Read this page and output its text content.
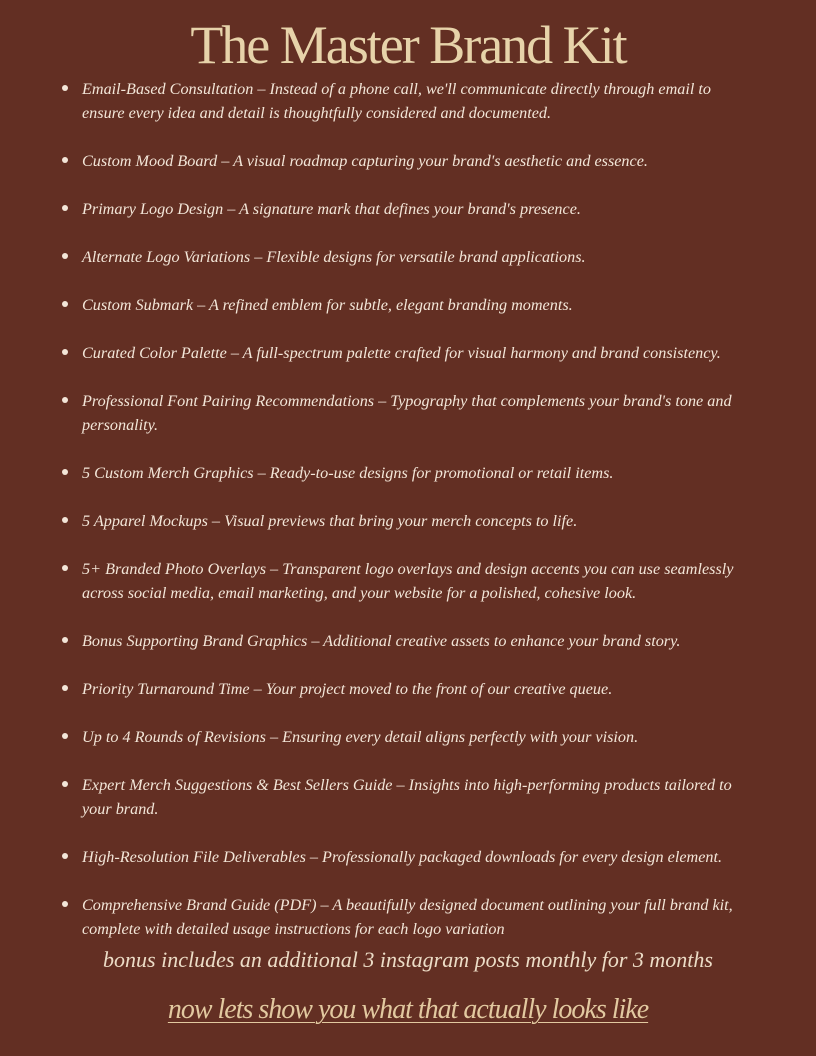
The Master Brand Kit
Email-Based Consultation – Instead of a phone call, we'll communicate directly through email to ensure every idea and detail is thoughtfully considered and documented.
Custom Mood Board – A visual roadmap capturing your brand's aesthetic and essence.
Primary Logo Design – A signature mark that defines your brand's presence.
Alternate Logo Variations – Flexible designs for versatile brand applications.
Custom Submark – A refined emblem for subtle, elegant branding moments.
Curated Color Palette – A full-spectrum palette crafted for visual harmony and brand consistency.
Professional Font Pairing Recommendations – Typography that complements your brand's tone and personality.
5 Custom Merch Graphics – Ready-to-use designs for promotional or retail items.
5 Apparel Mockups – Visual previews that bring your merch concepts to life.
5+ Branded Photo Overlays – Transparent logo overlays and design accents you can use seamlessly across social media, email marketing, and your website for a polished, cohesive look.
Bonus Supporting Brand Graphics – Additional creative assets to enhance your brand story.
Priority Turnaround Time – Your project moved to the front of our creative queue.
Up to 4 Rounds of Revisions – Ensuring every detail aligns perfectly with your vision.
Expert Merch Suggestions & Best Sellers Guide – Insights into high-performing products tailored to your brand.
High-Resolution File Deliverables – Professionally packaged downloads for every design element.
Comprehensive Brand Guide (PDF) – A beautifully designed document outlining your full brand kit, complete with detailed usage instructions for each logo variation
bonus includes an additional 3 instagram posts monthly for 3 months
now lets show you what that actually looks like
